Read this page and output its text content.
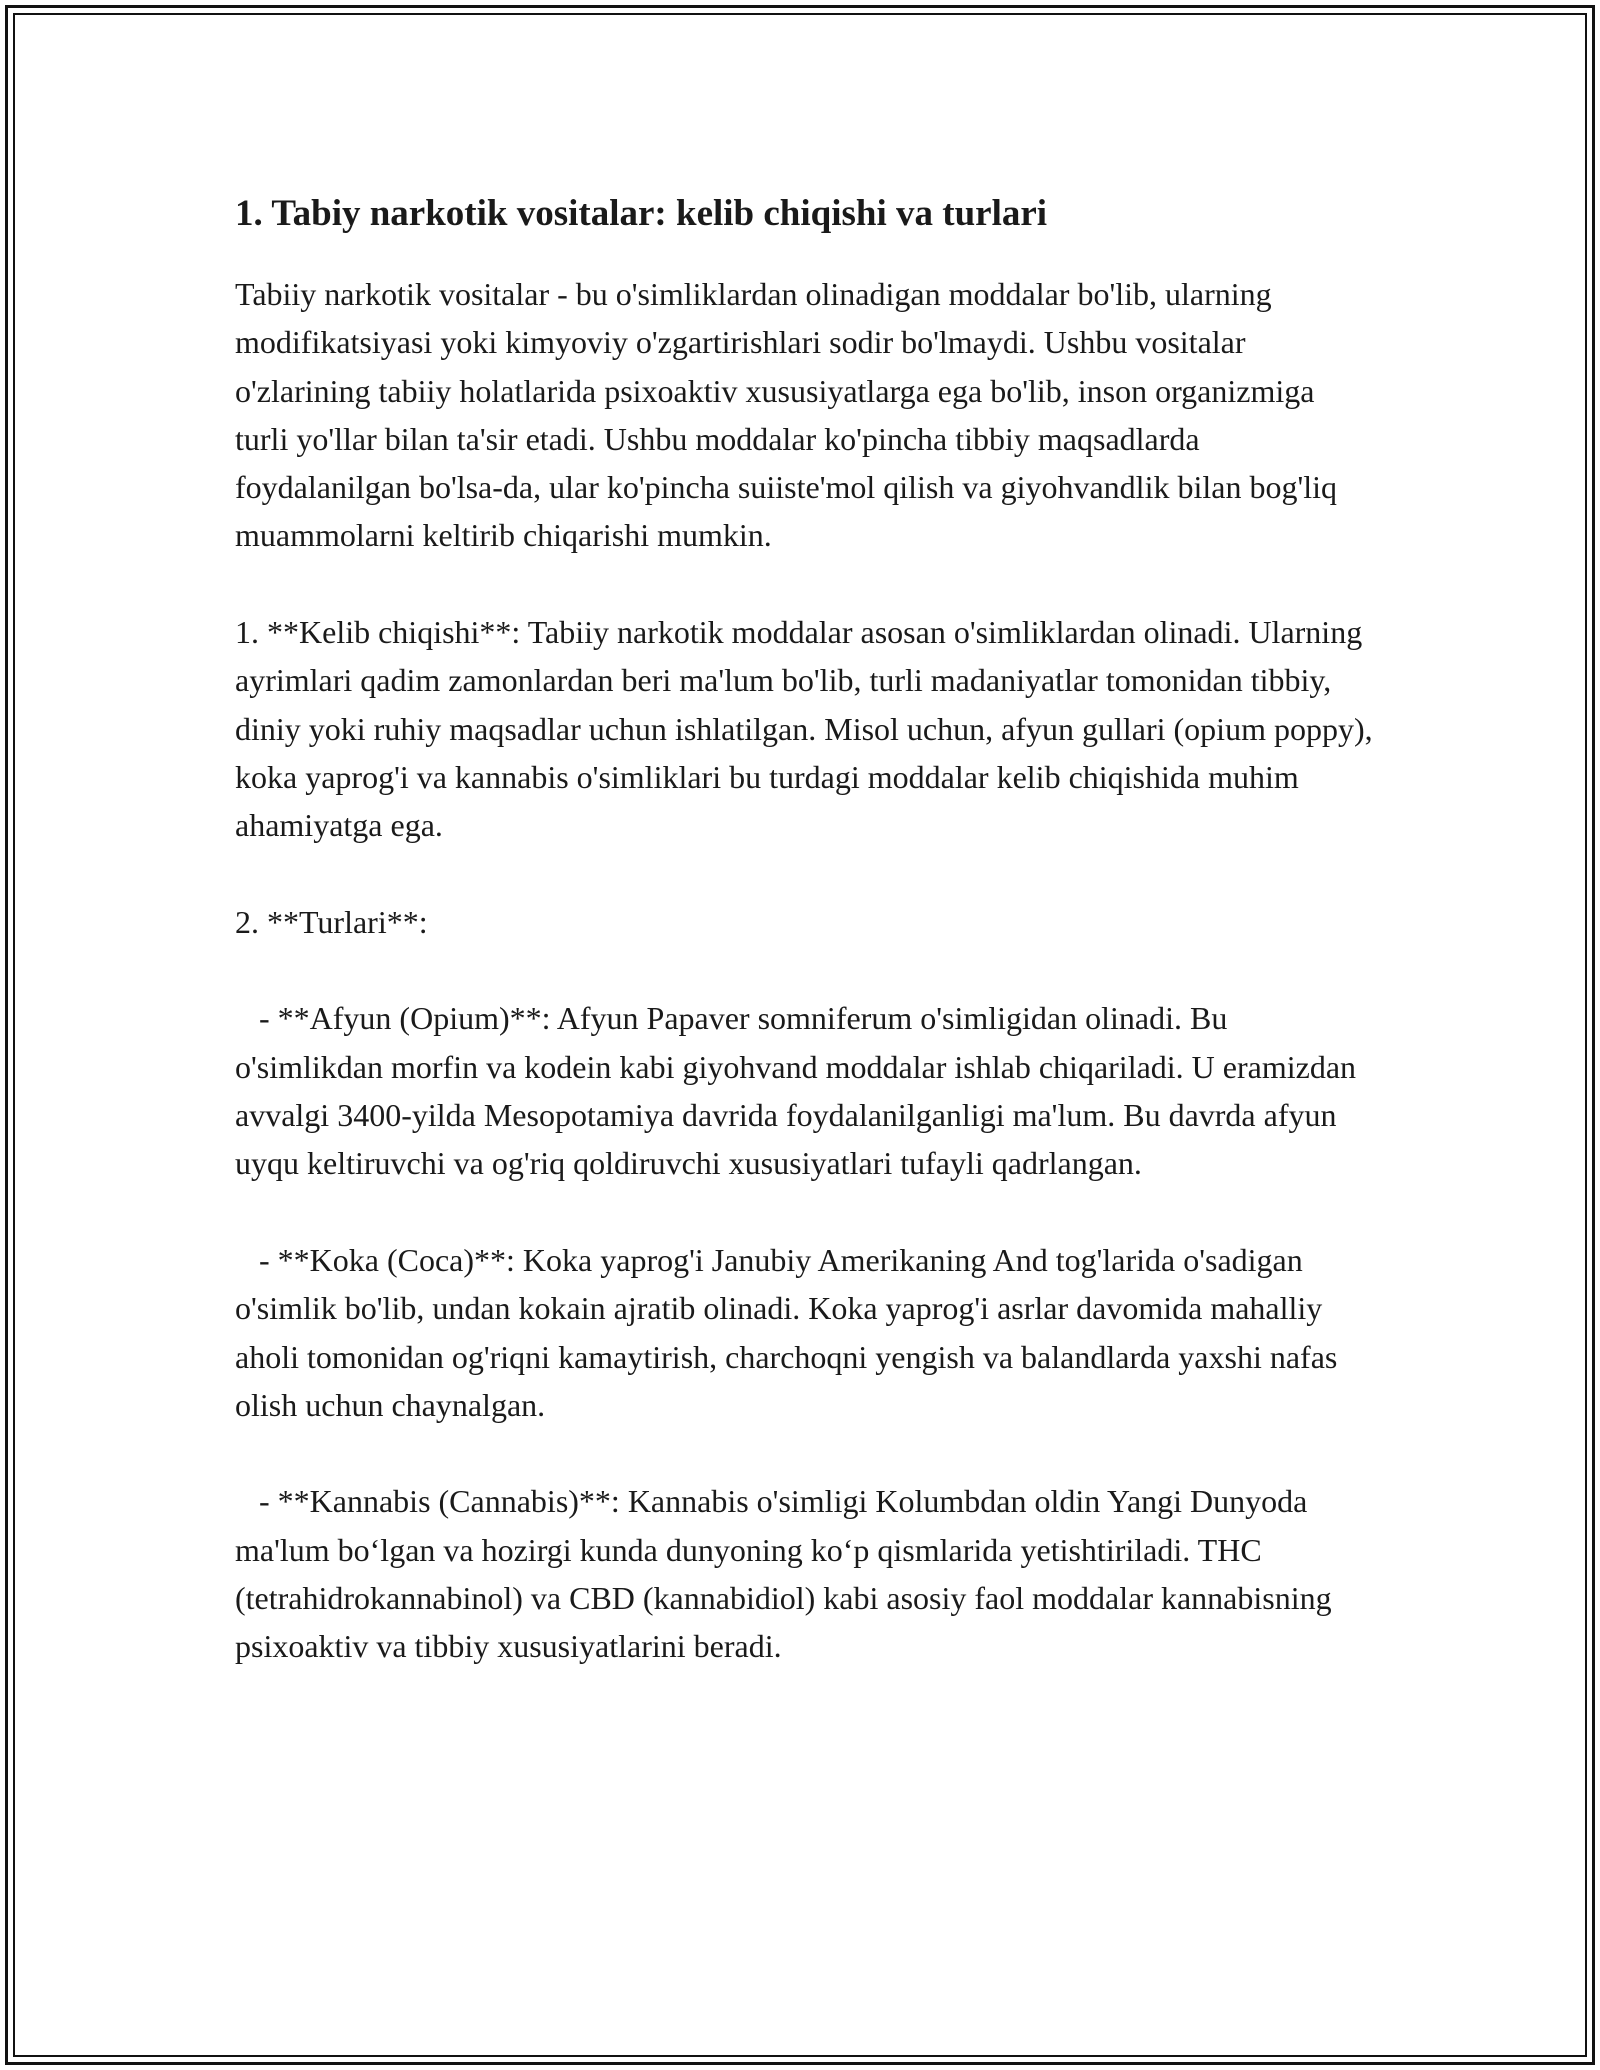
1. Tabiy narkotik vositalar: kelib chiqishi va turlari

Tabiiy narkotik vositalar - bu o'simliklardan olinadigan moddalar bo'lib, ularning modifikatsiyasi yoki kimyoviy o'zgartirishlari sodir bo'lmaydi. Ushbu vositalar o'zlarining tabiiy holatlarida psixoaktiv xususiyatlarga ega bo'lib, inson organizmiga turli yo'llar bilan ta'sir etadi. Ushbu moddalar ko'pincha tibbiy maqsadlarda foydalanilgan bo'lsa-da, ular ko'pincha suiiste'mol qilish va giyohvandlik bilan bog'liq muammolarni keltirib chiqarishi mumkin.

1. **Kelib chiqishi**: Tabiiy narkotik moddalar asosan o'simliklardan olinadi. Ularning ayrimlari qadim zamonlardan beri ma'lum bo'lib, turli madaniyatlar tomonidan tibbiy, diniy yoki ruhiy maqsadlar uchun ishlatilgan. Misol uchun, afyun gullari (opium poppy), koka yaprog'i va kannabis o'simliklari bu turdagi moddalar kelib chiqishida muhim ahamiyatga ega.

2. **Turlari**:

- **Afyun (Opium)**: Afyun Papaver somniferum o'simligidan olinadi. Bu o'simlikdan morfin va kodein kabi giyohvand moddalar ishlab chiqariladi. U eramizdan avvalgi 3400-yilda Mesopotamiya davrida foydalanilganligi ma'lum. Bu davrda afyun uyqu keltiruvchi va og'riq qoldiruvchi xususiyatlari tufayli qadrlangan.

- **Koka (Coca)**: Koka yaprog'i Janubiy Amerikaning And tog'larida o'sadigan o'simlik bo'lib, undan kokain ajratib olinadi. Koka yaprog'i asrlar davomida mahalliy aholi tomonidan og'riqni kamaytirish, charchoqni yengish va balandlarda yaxshi nafas olish uchun chaynalgan.

- **Kannabis (Cannabis)**: Kannabis o'simligi Kolumbdan oldin Yangi Dunyoda ma'lum bo‘lgan va hozirgi kunda dunyoning ko‘p qismlarida yetishtiriladi. THC (tetrahidrokannabinol) va CBD (kannabidiol) kabi asosiy faol moddalar kannabisning psixoaktiv va tibbiy xususiyatlarini beradi.
